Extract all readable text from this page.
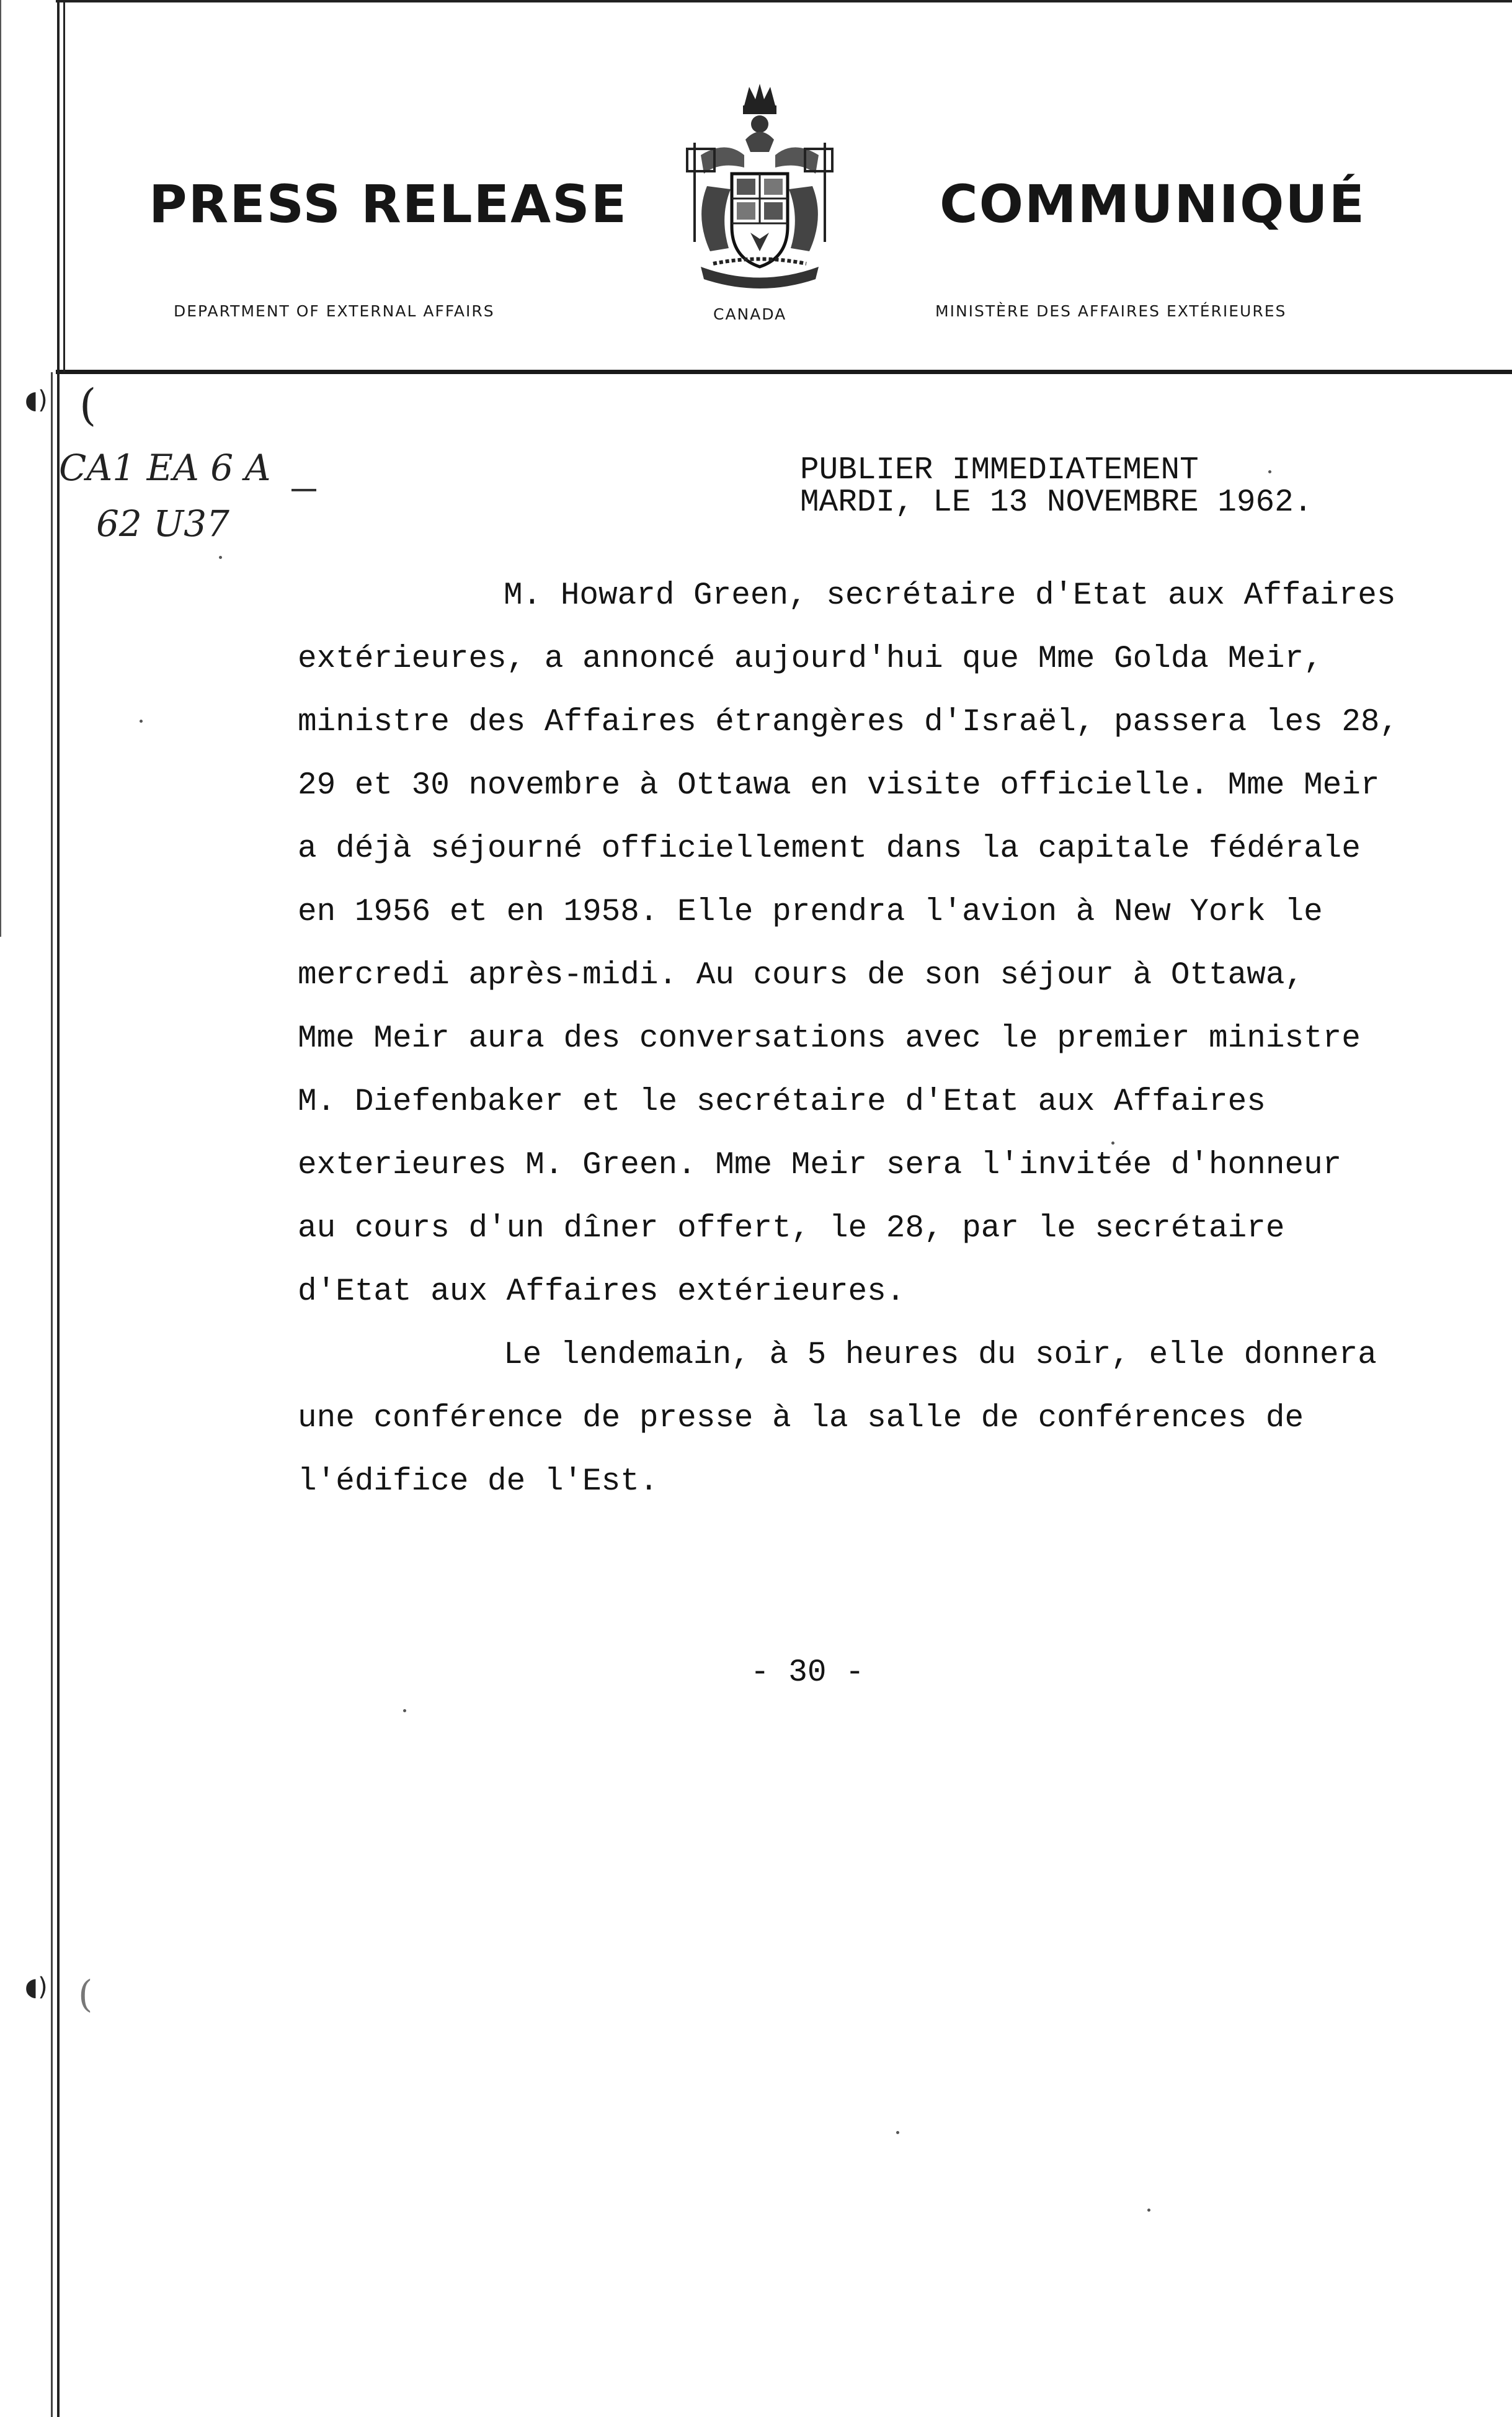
◖)
◖)
(
(
PRESS RELEASE
DEPARTMENT OF EXTERNAL AFFAIRS	CANADA
COMMUNIQUÉ
MINISTÈRE DES AFFAIRES EXTÉRIEURES
CA1 EA 6 A
62 U37
PUBLIER IMMEDIATEMENT
MARDI, LE 13 NOVEMBRE 1962.
M. Howard Green, secrétaire d'Etat aux Affaires
extérieures, a annoncé aujourd'hui que Mme Golda Meir,
ministre des Affaires étrangères d'Israël, passera les 28,
29 et 30 novembre à Ottawa en visite officielle. Mme Meir
a déjà séjourné officiellement dans la capitale fédérale
en 1956 et en 1958. Elle prendra l'avion à New York le
mercredi après-midi. Au cours de son séjour à Ottawa,
Mme Meir aura des conversations avec le premier ministre
M. Diefenbaker et le secrétaire d'Etat aux Affaires
exterieures M. Green. Mme Meir sera l'invitée d'honneur
au cours d'un dîner offert, le 28, par le secrétaire
d'Etat aux Affaires extérieures.
Le lendemain, à 5 heures du soir, elle donnera
une conférence de presse à la salle de conférences de
l'édifice de l'Est.
- 30 -
